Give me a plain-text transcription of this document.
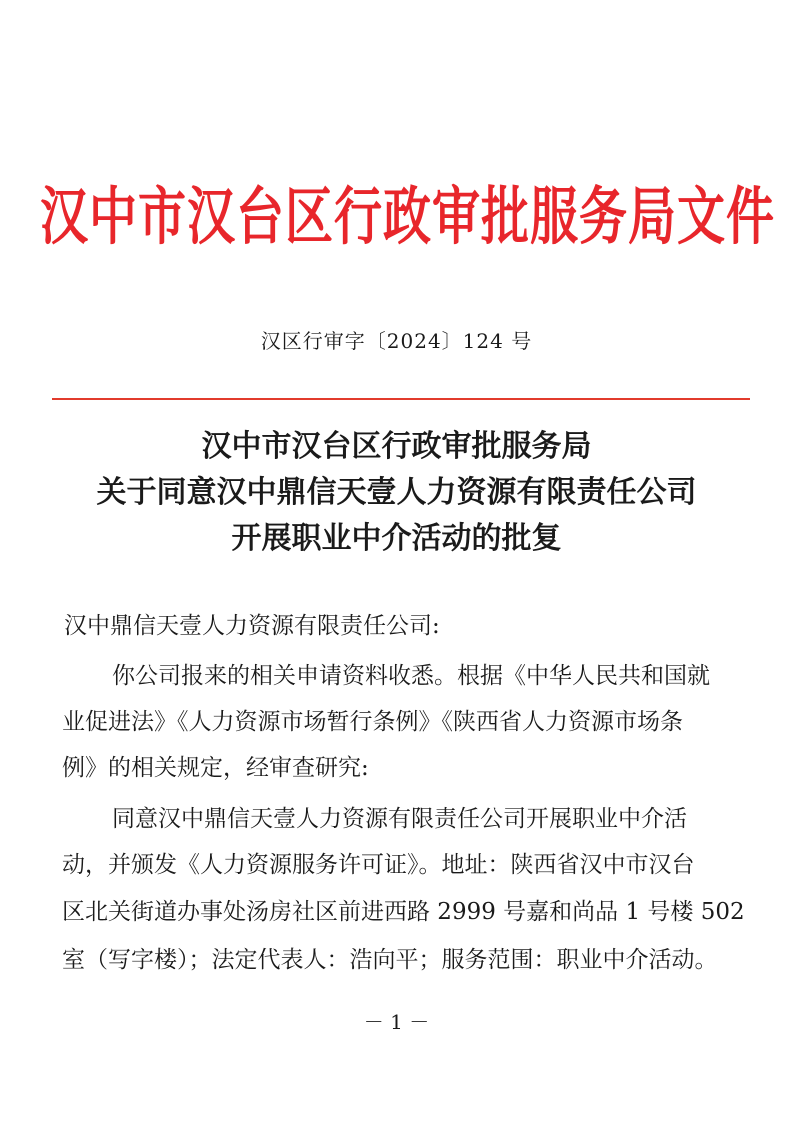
汉中市汉台区行政审批服务局文件
汉区行审字〔2024〕124 号
汉中市汉台区行政审批服务局
关于同意汉中鼎信天壹人力资源有限责任公司
开展职业中介活动的批复
汉中鼎信天壹人力资源有限责任公司:
你公司报来的相关申请资料收悉。根据《中华人民共和国就
业促进法》《人力资源市场暂行条例》《陕西省人力资源市场条
例》的相关规定，经审查研究:
同意汉中鼎信天壹人力资源有限责任公司开展职业中介活
动，并颁发《人力资源服务许可证》。地址：陕西省汉中市汉台
区北关街道办事处汤房社区前进西路 2999 号嘉和尚品 1 号楼 502
室（写字楼）；法定代表人：浩向平；服务范围：职业中介活动。
－ 1 －
